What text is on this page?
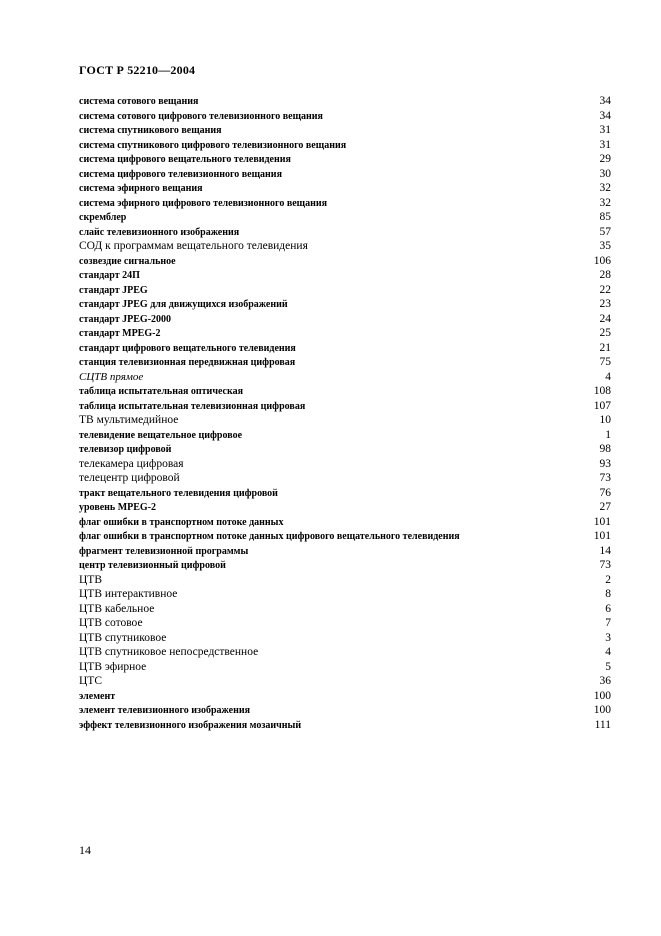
ГОСТ Р 52210—2004
система сотового вещания	34
система сотового цифрового телевизионного вещания	34
система спутникового вещания	31
система спутникового цифрового телевизионного вещания	31
система цифрового вещательного телевидения	29
система цифрового телевизионного вещания	30
система эфирного вещания	32
система эфирного цифрового телевизионного вещания	32
скремблер	85
слайс телевизионного изображения	57
СОД к программам вещательного телевидения	35
созвездие сигнальное	106
стандарт 24П	28
стандарт JPEG	22
стандарт JPEG для движущихся изображений	23
стандарт JPEG-2000	24
стандарт MPEG-2	25
стандарт цифрового вещательного телевидения	21
станция телевизионная передвижная цифровая	75
СЦТВ прямое	4
таблица испытательная оптическая	108
таблица испытательная телевизионная цифровая	107
ТВ мультимедийное	10
телевидение вещательное цифровое	1
телевизор цифровой	98
телекамера цифровая	93
телецентр цифровой	73
тракт вещательного телевидения цифровой	76
уровень MPEG-2	27
флаг ошибки в транспортном потоке данных	101
флаг ошибки в транспортном потоке данных цифрового вещательного телевидения	101
фрагмент телевизионной программы	14
центр телевизионный цифровой	73
ЦТВ	2
ЦТВ интерактивное	8
ЦТВ кабельное	6
ЦТВ сотовое	7
ЦТВ спутниковое	3
ЦТВ спутниковое непосредственное	4
ЦТВ эфирное	5
ЦТС	36
элемент	100
элемент телевизионного изображения	100
эффект телевизионного изображения мозаичный	111
14
